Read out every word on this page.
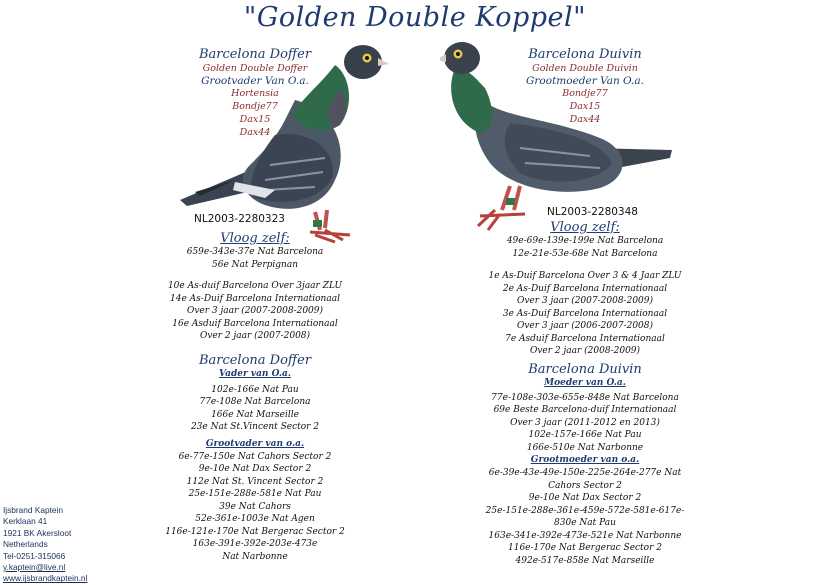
"Golden Double Koppel"
Barcelona Doffer
Golden Double Doffer
Grootvader Van O.a.
Hortensia
Bondje77
Dax15
Dax44
NL2003-2280323
Vloog zelf:
659e-343e-37e Nat Barcelona
56e Nat Perpignan
10e As-duif Barcelona Over 3jaar ZLU
14e As-Duif Barcelona Internationaal
Over 3 jaar (2007-2008-2009)
16e Asduif Barcelona Internationaal
Over 2 jaar (2007-2008)
Barcelona Doffer
Vader van O.a.
102e-166e Nat Pau
77e-108e Nat Barcelona
166e Nat Marseille
23e Nat St.Vincent Sector 2
Grootvader van o.a.
6e-77e-150e Nat Cahors Sector 2
9e-10e Nat Dax Sector 2
112e Nat St. Vincent Sector 2
25e-151e-288e-581e Nat Pau
39e Nat Cahors
52e-361e-1003e Nat Agen
116e-121e-170e Nat Bergerac Sector 2
163e-391e-392e-203e-473e
Nat Narbonne
Barcelona Duivin
Golden Double Duivin
Grootmoeder Van O.a.
Bondje77
Dax15
Dax44
NL2003-2280348
Vloog zelf:
49e-69e-139e-199e Nat Barcelona
12e-21e-53e-68e Nat Barcelona
1e As-Duif Barcelona Over 3 & 4 Jaar ZLU
2e As-Duif Barcelona Internationaal
Over 3 jaar (2007-2008-2009)
3e As-Duif Barcelona Internationaal
Over 3 jaar (2006-2007-2008)
7e Asduif Barcelona Internationaal
Over 2 jaar (2008-2009)
Barcelona Duivin
Moeder van O.a.
77e-108e-303e-655e-848e Nat Barcelona
69e Beste Barcelona-duif Internationaal
Over 3 jaar (2011-2012 en 2013)
102e-157e-166e Nat Pau
166e-510e Nat Narbonne
Grootmoeder van o.a.
6e-39e-43e-49e-150e-225e-264e-277e Nat
Cahors Sector 2
9e-10e Nat Dax Sector 2
25e-151e-288e-361e-459e-572e-581e-617e-
830e Nat Pau
163e-341e-392e-473e-521e Nat Narbonne
116e-170e Nat Bergerac Sector 2
492e-517e-858e Nat Marseille
Ijsbrand Kaptein
Kerklaan 41
1921 BK Akersloot
Netherlands
Tel-0251-315066
y.kaptein@live.nl
www.ijsbrandkaptein.nl
